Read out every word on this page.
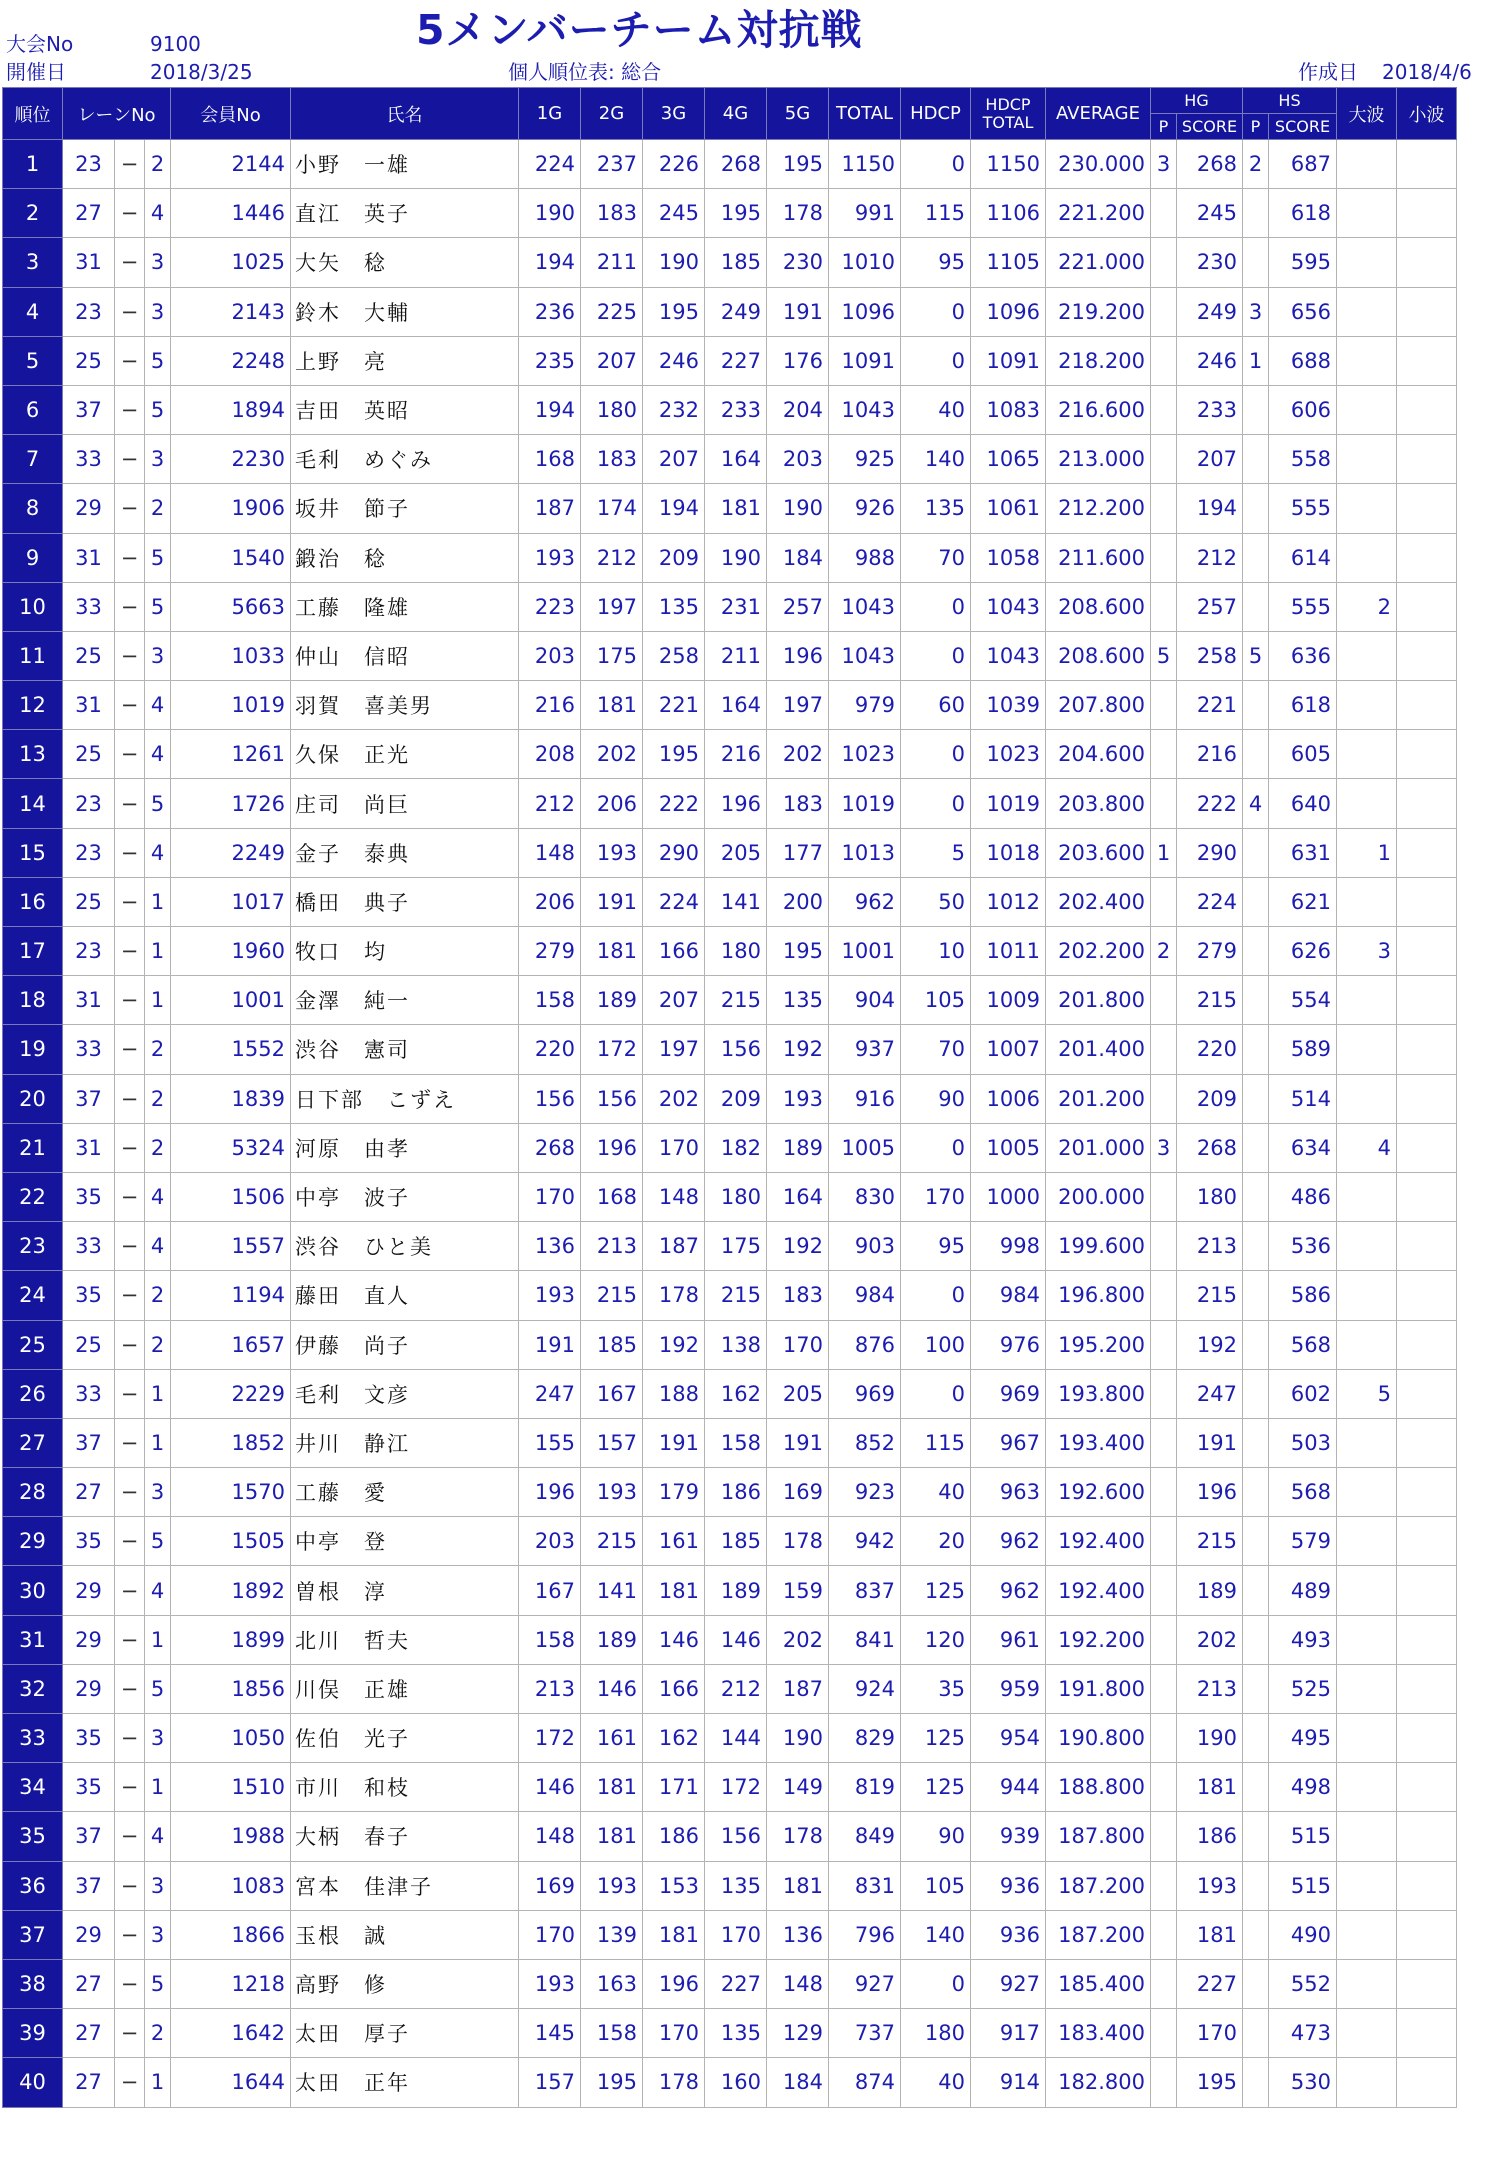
大会No	9100
開催日	2018/3/25
5メンバーチーム対抗戦
個人順位表: 総合	作成日 2018/4/6
順位	レーンNo			会員No	氏名	1G	2G	3G	4G	5G	TOTAL	HDCP	HDCP
TOTAL	AVERAGE	HG		HS		大波	小波
															P	SCORE	P	SCORE		
1	23	−	2	2144	小野　一雄	224	237	226	268	195	1150	0	1150	230.000	3	268	2	687		
2	27	−	4	1446	直江　英子	190	183	245	195	178	991	115	1106	221.200		245		618		
3	31	−	3	1025	大矢　稔	194	211	190	185	230	1010	95	1105	221.000		230		595		
4	23	−	3	2143	鈴木　大輔	236	225	195	249	191	1096	0	1096	219.200		249	3	656		
5	25	−	5	2248	上野　亮	235	207	246	227	176	1091	0	1091	218.200		246	1	688		
6	37	−	5	1894	吉田　英昭	194	180	232	233	204	1043	40	1083	216.600		233		606		
7	33	−	3	2230	毛利　めぐみ	168	183	207	164	203	925	140	1065	213.000		207		558		
8	29	−	2	1906	坂井　節子	187	174	194	181	190	926	135	1061	212.200		194		555		
9	31	−	5	1540	鍛治　稔	193	212	209	190	184	988	70	1058	211.600		212		614		
10	33	−	5	5663	工藤　隆雄	223	197	135	231	257	1043	0	1043	208.600		257		555	2	
11	25	−	3	1033	仲山　信昭	203	175	258	211	196	1043	0	1043	208.600	5	258	5	636		
12	31	−	4	1019	羽賀　喜美男	216	181	221	164	197	979	60	1039	207.800		221		618		
13	25	−	4	1261	久保　正光	208	202	195	216	202	1023	0	1023	204.600		216		605		
14	23	−	5	1726	庄司　尚巨	212	206	222	196	183	1019	0	1019	203.800		222	4	640		
15	23	−	4	2249	金子　泰典	148	193	290	205	177	1013	5	1018	203.600	1	290		631	1	
16	25	−	1	1017	橋田　典子	206	191	224	141	200	962	50	1012	202.400		224		621		
17	23	−	1	1960	牧口　均	279	181	166	180	195	1001	10	1011	202.200	2	279		626	3	
18	31	−	1	1001	金澤　純一	158	189	207	215	135	904	105	1009	201.800		215		554		
19	33	−	2	1552	渋谷　憲司	220	172	197	156	192	937	70	1007	201.400		220		589		
20	37	−	2	1839	日下部　こずえ	156	156	202	209	193	916	90	1006	201.200		209		514		
21	31	−	2	5324	河原　由孝	268	196	170	182	189	1005	0	1005	201.000	3	268		634	4	
22	35	−	4	1506	中亭　波子	170	168	148	180	164	830	170	1000	200.000		180		486		
23	33	−	4	1557	渋谷　ひと美	136	213	187	175	192	903	95	998	199.600		213		536		
24	35	−	2	1194	藤田　直人	193	215	178	215	183	984	0	984	196.800		215		586		
25	25	−	2	1657	伊藤　尚子	191	185	192	138	170	876	100	976	195.200		192		568		
26	33	−	1	2229	毛利　文彦	247	167	188	162	205	969	0	969	193.800		247		602	5	
27	37	−	1	1852	井川　静江	155	157	191	158	191	852	115	967	193.400		191		503		
28	27	−	3	1570	工藤　愛	196	193	179	186	169	923	40	963	192.600		196		568		
29	35	−	5	1505	中亭　登	203	215	161	185	178	942	20	962	192.400		215		579		
30	29	−	4	1892	曽根　淳	167	141	181	189	159	837	125	962	192.400		189		489		
31	29	−	1	1899	北川　哲夫	158	189	146	146	202	841	120	961	192.200		202		493		
32	29	−	5	1856	川俣　正雄	213	146	166	212	187	924	35	959	191.800		213		525		
33	35	−	3	1050	佐伯　光子	172	161	162	144	190	829	125	954	190.800		190		495		
34	35	−	1	1510	市川　和枝	146	181	171	172	149	819	125	944	188.800		181		498		
35	37	−	4	1988	大柄　春子	148	181	186	156	178	849	90	939	187.800		186		515		
36	37	−	3	1083	宮本　佳津子	169	193	153	135	181	831	105	936	187.200		193		515		
37	29	−	3	1866	玉根　誠	170	139	181	170	136	796	140	936	187.200		181		490		
38	27	−	5	1218	高野　修	193	163	196	227	148	927	0	927	185.400		227		552		
39	27	−	2	1642	太田　厚子	145	158	170	135	129	737	180	917	183.400		170		473		
40	27	−	1	1644	太田　正年	157	195	178	160	184	874	40	914	182.800		195		530		
